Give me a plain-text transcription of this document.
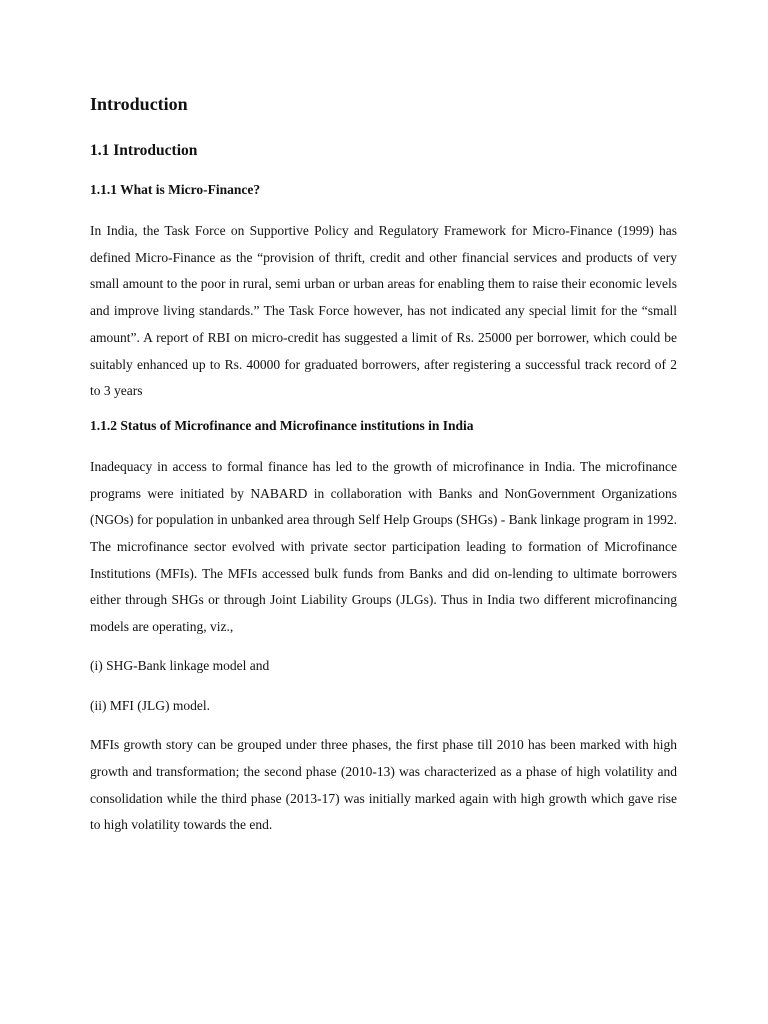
Introduction
1.1 Introduction
1.1.1 What is Micro-Finance?

In India, the Task Force on Supportive Policy and Regulatory Framework for Micro-Finance (1999) has defined Micro-Finance as the “provision of thrift, credit and other financial services and products of very small amount to the poor in rural, semi urban or urban areas for enabling them to raise their economic levels and improve living standards.” The Task Force however, has not indicated any special limit for the “small amount”. A report of RBI on micro-credit has suggested a limit of Rs. 25000 per borrower, which could be suitably enhanced up to Rs. 40000 for graduated borrowers, after registering a successful track record of 2 to 3 years

1.1.2 Status of Microfinance and Microfinance institutions in India

Inadequacy in access to formal finance has led to the growth of microfinance in India. The microfinance programs were initiated by NABARD in collaboration with Banks and NonGovernment Organizations (NGOs) for population in unbanked area through Self Help Groups (SHGs) - Bank linkage program in 1992. The microfinance sector evolved with private sector participation leading to formation of Microfinance Institutions (MFIs). The MFIs accessed bulk funds from Banks and did on-lending to ultimate borrowers either through SHGs or through Joint Liability Groups (JLGs). Thus in India two different microfinancing models are operating, viz.,

(i) SHG-Bank linkage model and

(ii) MFI (JLG) model.

MFIs growth story can be grouped under three phases, the first phase till 2010 has been marked with high growth and transformation; the second phase (2010-13) was characterized as a phase of high volatility and consolidation while the third phase (2013-17) was initially marked again with high growth which gave rise to high volatility towards the end.
